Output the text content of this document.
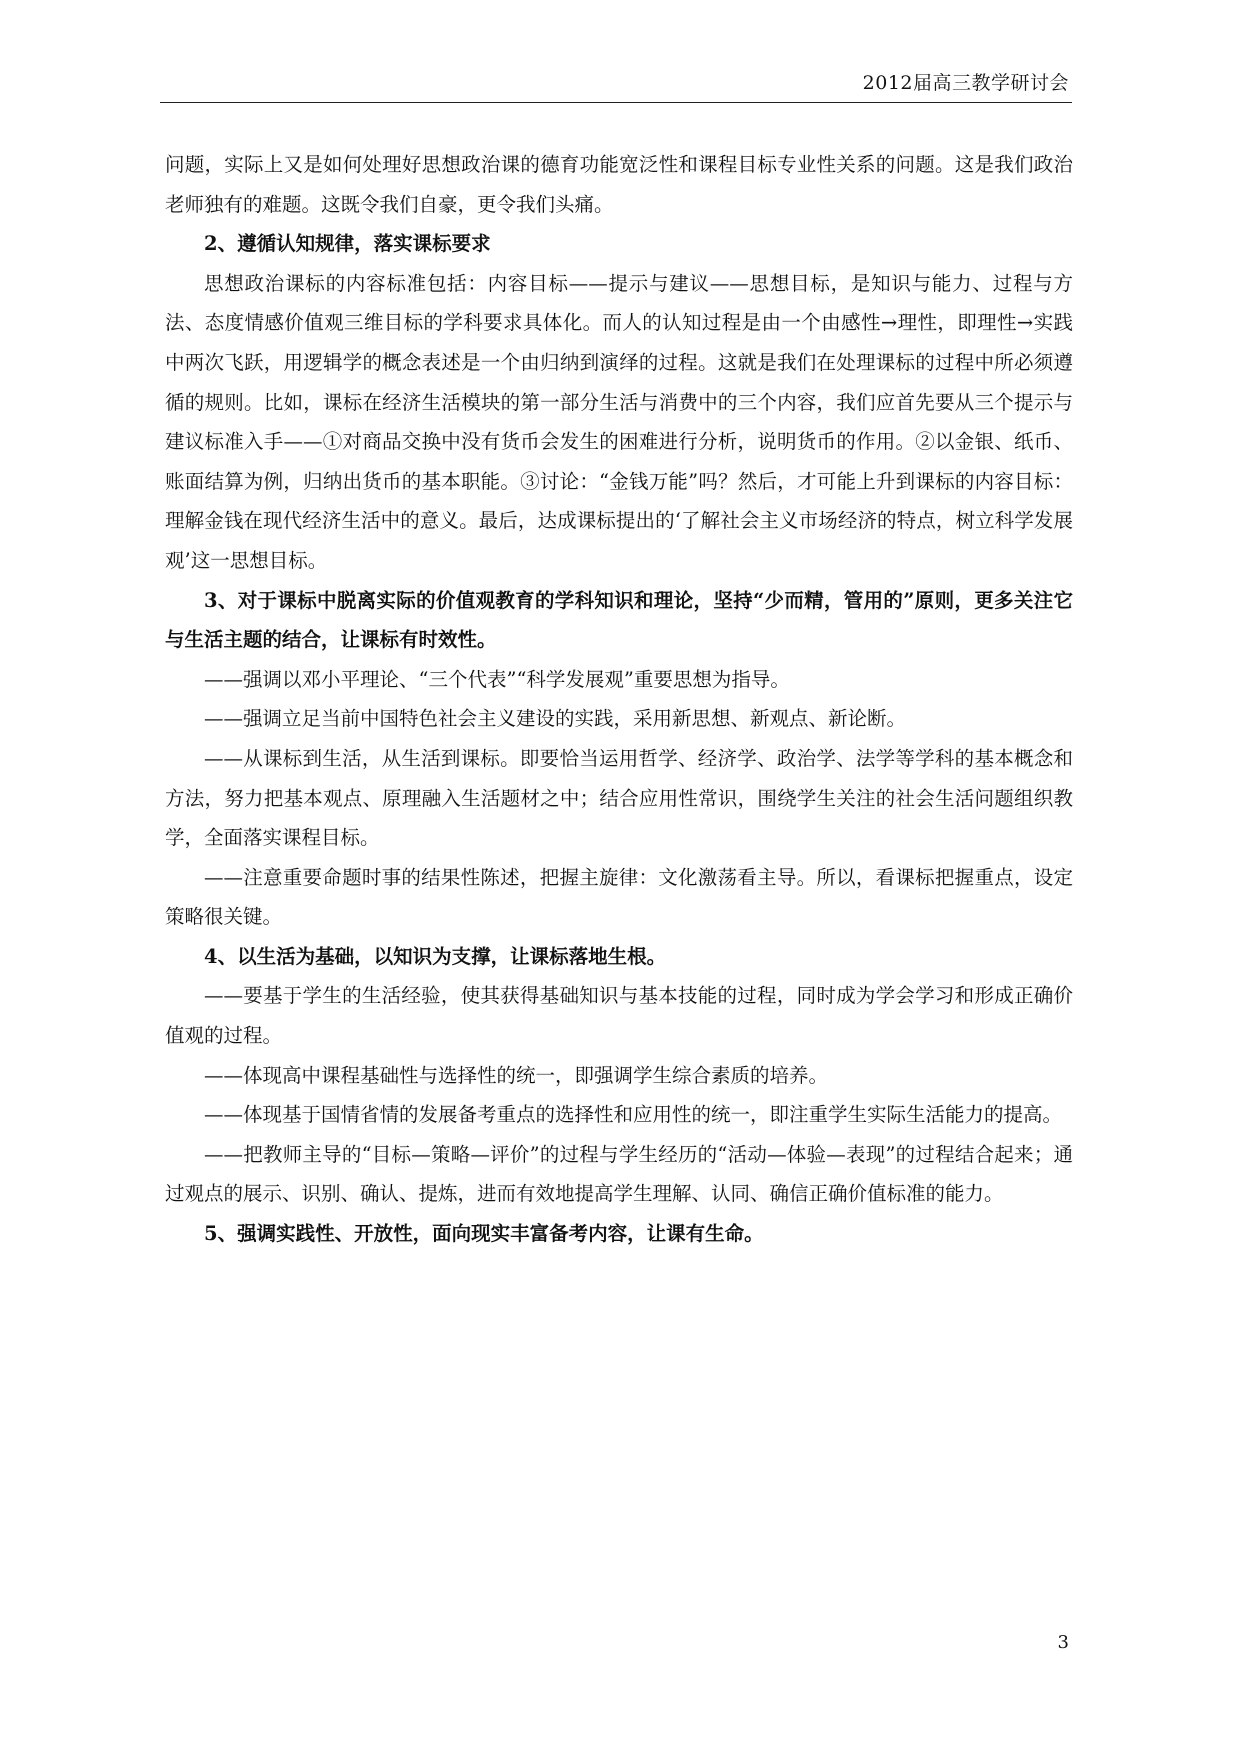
2012届高三教学研讨会

问题，实际上又是如何处理好思想政治课的德育功能宽泛性和课程目标专业性关系的问题。这是我们政治老师独有的难题。这既令我们自豪，更令我们头痛。

2、遵循认知规律，落实课标要求

思想政治课标的内容标准包括：内容目标——提示与建议——思想目标，是知识与能力、过程与方法、态度情感价值观三维目标的学科要求具体化。而人的认知过程是由一个由感性→理性，即理性→实践中两次飞跃，用逻辑学的概念表述是一个由归纳到演绎的过程。这就是我们在处理课标的过程中所必须遵循的规则。比如，课标在经济生活模块的第一部分生活与消费中的三个内容，我们应首先要从三个提示与建议标准入手——①对商品交换中没有货币会发生的困难进行分析，说明货币的作用。②以金银、纸币、账面结算为例，归纳出货币的基本职能。③讨论：“金钱万能”吗？然后，才可能上升到课标的内容目标：理解金钱在现代经济生活中的意义。最后，达成课标提出的‘了解社会主义市场经济的特点，树立科学发展观’这一思想目标。

3、对于课标中脱离实际的价值观教育的学科知识和理论，坚持“少而精，管用的”原则，更多关注它与生活主题的结合，让课标有时效性。

——强调以邓小平理论、“三个代表”“科学发展观”重要思想为指导。

——强调立足当前中国特色社会主义建设的实践，采用新思想、新观点、新论断。

——从课标到生活，从生活到课标。即要恰当运用哲学、经济学、政治学、法学等学科的基本概念和方法，努力把基本观点、原理融入生活题材之中；结合应用性常识，围绕学生关注的社会生活问题组织教学，全面落实课程目标。

——注意重要命题时事的结果性陈述，把握主旋律：文化激荡看主导。所以，看课标把握重点，设定策略很关键。

4、以生活为基础，以知识为支撑，让课标落地生根。

——要基于学生的生活经验，使其获得基础知识与基本技能的过程，同时成为学会学习和形成正确价值观的过程。

——体现高中课程基础性与选择性的统一，即强调学生综合素质的培养。

——体现基于国情省情的发展备考重点的选择性和应用性的统一，即注重学生实际生活能力的提高。

——把教师主导的“目标—策略—评价”的过程与学生经历的“活动—体验—表现”的过程结合起来；通过观点的展示、识别、确认、提炼，进而有效地提高学生理解、认同、确信正确价值标准的能力。

5、强调实践性、开放性，面向现实丰富备考内容，让课有生命。

3
